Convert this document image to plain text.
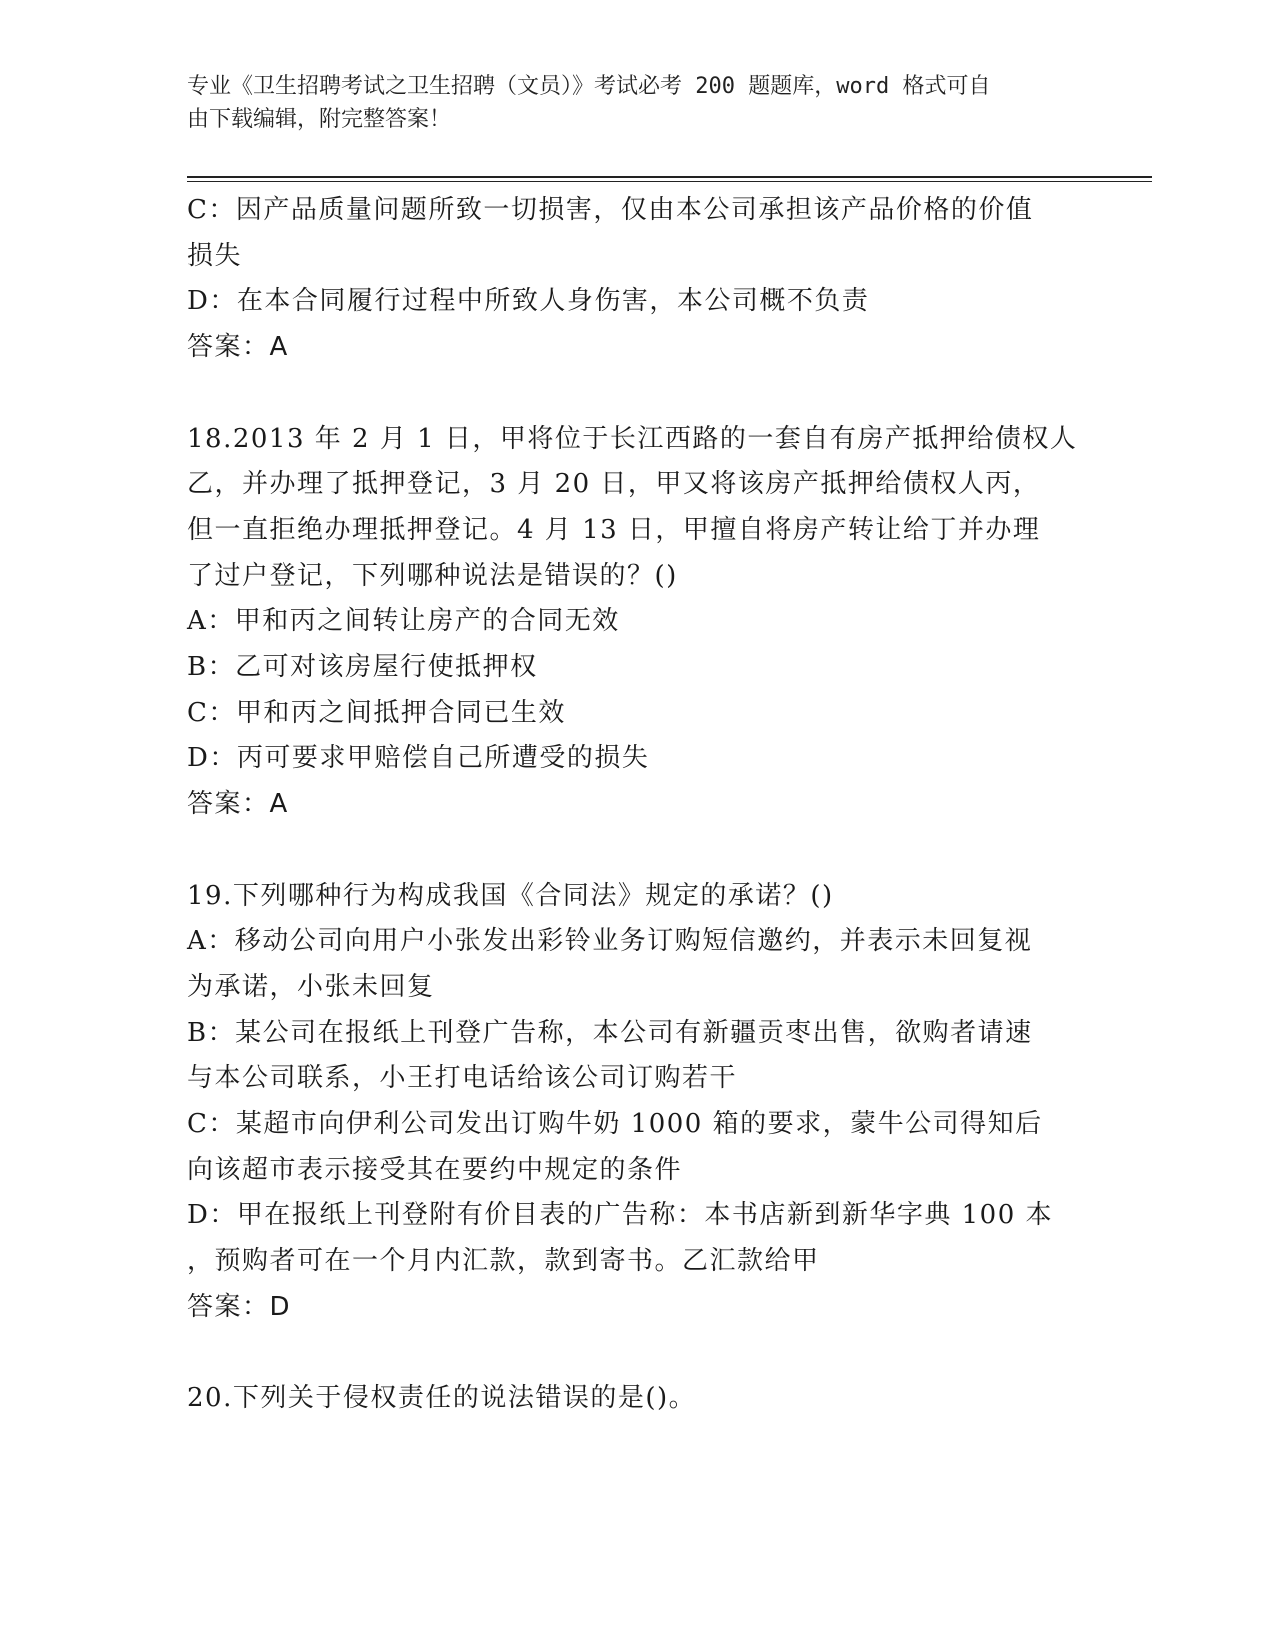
专业《卫生招聘考试之卫生招聘（文员）》考试必考 200 题题库，word 格式可自
由下载编辑，附完整答案！
C：因产品质量问题所致一切损害，仅由本公司承担该产品价格的价值
损失
D：在本合同履行过程中所致人身伤害，本公司概不负责
答案：A
18.2013 年 2 月 1 日，甲将位于长江西路的一套自有房产抵押给债权人
乙，并办理了抵押登记，3 月 20 日，甲又将该房产抵押给债权人丙，
但一直拒绝办理抵押登记。4 月 13 日，甲擅自将房产转让给丁并办理
了过户登记，下列哪种说法是错误的？()
A：甲和丙之间转让房产的合同无效
B：乙可对该房屋行使抵押权
C：甲和丙之间抵押合同已生效
D：丙可要求甲赔偿自己所遭受的损失
答案：A
19.下列哪种行为构成我国《合同法》规定的承诺？()
A：移动公司向用户小张发出彩铃业务订购短信邀约，并表示未回复视
为承诺，小张未回复
B：某公司在报纸上刊登广告称，本公司有新疆贡枣出售，欲购者请速
与本公司联系，小王打电话给该公司订购若干
C：某超市向伊利公司发出订购牛奶 1000 箱的要求，蒙牛公司得知后
向该超市表示接受其在要约中规定的条件
D：甲在报纸上刊登附有价目表的广告称：本书店新到新华字典 100 本
，预购者可在一个月内汇款，款到寄书。乙汇款给甲
答案：D
20.下列关于侵权责任的说法错误的是()。
